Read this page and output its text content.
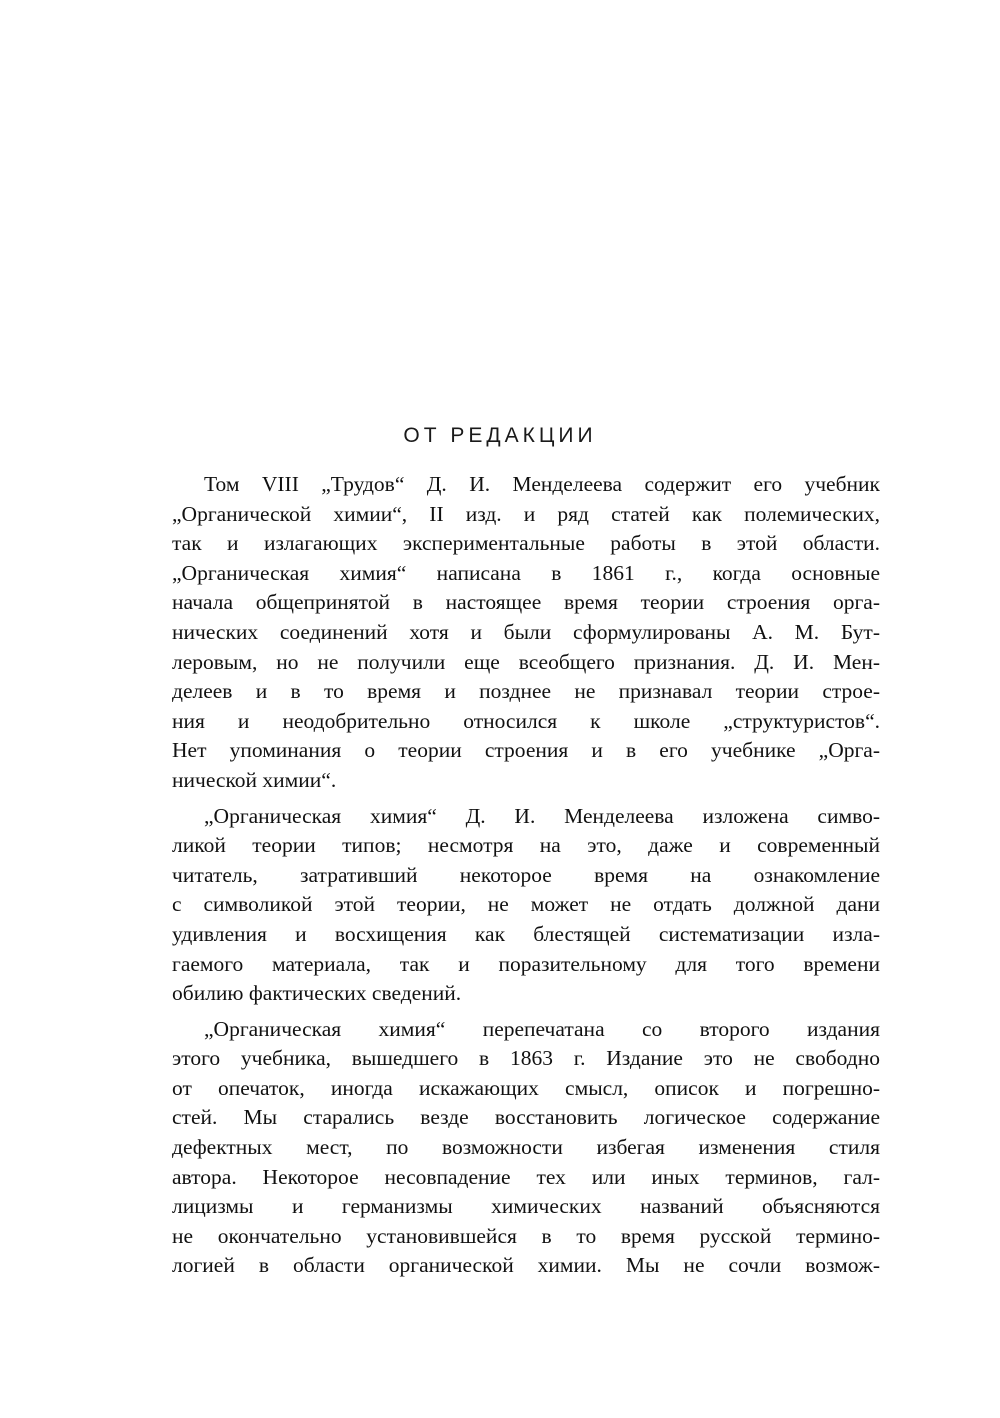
ОТ РЕДАКЦИИ
Том VIII „Трудов“ Д. И. Менделеева содержит его учебник
„Органической химии“, II изд. и ряд статей как полемических,
так и излагающих экспериментальные работы в этой области.
„Органическая химия“ написана в 1861 г., когда основные
начала общепринятой в настоящее время теории строения орга-
нических соединений хотя и были сформулированы А. М. Бут-
леровым, но не получили еще всеобщего признания. Д. И. Мен-
делеев и в то время и позднее не признавал теории строе-
ния и неодобрительно относился к школе „структуристов“.
Нет упоминания о теории строения и в его учебнике „Орга-
нической химии“.
„Органическая химия“ Д. И. Менделеева изложена симво-
ликой теории типов; несмотря на это, даже и современный
читатель, затративший некоторое время на ознакомление
с символикой этой теории, не может не отдать должной дани
удивления и восхищения как блестящей систематизации изла-
гаемого материала, так и поразительному для того времени
обилию фактических сведений.
„Органическая химия“ перепечатана со второго издания
этого учебника, вышедшего в 1863 г. Издание это не свободно
от опечаток, иногда искажающих смысл, описок и погрешно-
стей. Мы старались везде восстановить логическое содержание
дефектных мест, по возможности избегая изменения стиля
автора. Некоторое несовпадение тех или иных терминов, гал-
лицизмы и германизмы химических названий объясняются
не окончательно установившейся в то время русской термино-
логией в области органической химии. Мы не сочли возмож-
